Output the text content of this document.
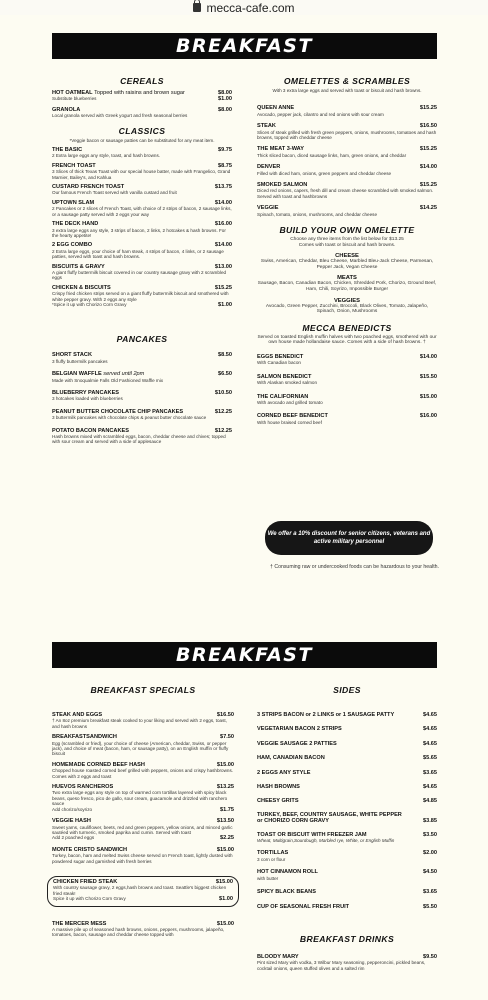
mecca-cafe.com
BREAKFAST
CEREALS
HOT OATMEAL Topped with raisins and brown sugar	$8.00
Substitute blueberries	$1.00
GRANOLA	$8.00
Local granola served with Greek yogurt and fresh seasonal berries
CLASSICS
*Veggie bacon or sausage patties can be substituted for any meat item.
THE BASIC	$9.75
2 Extra large eggs any style, toast, and hash browns.
FRENCH TOAST	$8.75
3 Slices of thick Texas Toast with our special house batter, made with Frangelico, Grand Marnier, Bailey's, and Kahlua
CUSTARD FRENCH TOAST	$13.75
Our famous French Toast served with vanilla custard and fruit
UPTOWN SLAM	$14.00
2 Pancakes or 2 slices of French Toast, with choice of 2 strips of bacon, 2 sausage links, or a sausage patty served with 2 eggs your way
THE DECK HAND	$16.00
3 extra large eggs any style, 3 strips of bacon, 2 links, 2 hotcakes & hash browns. For the hearty appetite!
2 EGG COMBO	$14.00
2 Extra large eggs, your choice of ham steak, 4 strips of bacon, 4 links, or 2 sausage patties, served with toast and hash browns.
BISCUITS & GRAVY	$13.00
A giant fluffy buttermilk biscuit covered in our country sausage gravy with 2 scrambled eggs
CHICKEN & BISCUITS	$15.25
Crispy fried chicken strips served on a giant fluffy buttermilk biscuit and smothered with white pepper gravy. With 2 eggs any style
*Spice it up with Chorizo Corn Gravy	$1.00
PANCAKES
SHORT STACK	$8.50
3 fluffy buttermilk pancakes
BELGIAN WAFFLE served until 2pm	$6.50
Made with Snoqualmie Falls Old Fashioned Waffle mix
BLUEBERRY PANCAKES	$10.50
3 hotcakes loaded with blueberries
PEANUT BUTTER CHOCOLATE CHIP PANCAKES	$12.25
3 buttermilk pancakes with chocolate chips & peanut butter chocolate sauce
POTATO BACON PANCAKES	$12.25
Hash browns mixed with scrambled eggs, bacon, cheddar cheese and chives; topped with sour cream and served with a side of applesauce
OMELETTES & SCRAMBLES
With 3 extra large eggs and served with toast or biscuit and hash browns.
QUEEN ANNE	$15.25
Avocado, pepper jack, cilantro and red onions with sour cream
STEAK	$16.50
Slices of steak grilled with fresh green peppers, onions, mushrooms, tomatoes and hash browns, topped with cheddar cheese
THE MEAT 3-WAY	$15.25
Thick sliced bacon, diced sausage links, ham, green onions, and cheddar
DENVER	$14.00
Filled with diced ham, onions, green peppers and cheddar cheese
SMOKED SALMON	$15.25
Diced red onions, capers, fresh dill and cream cheese scrambled with smoked salmon. Served with toast and hashbrowns
VEGGIE	$14.25
Spinach, tomato, onions, mushrooms, and cheddar cheese
BUILD YOUR OWN OMELETTE
Choose any three items from the list below for $13.25
Comes with toast or biscuit and hash browns.
CHEESE
Swiss, American, Cheddar, Bleu Cheese, Marbled Bleu-Jack Cheese, Parmesan, Pepper Jack, Vegan Cheese
MEATS
Sausage, Bacon, Canadian Bacon, Chicken, Shredded Pork, Chorizo, Ground Beef, Ham, Chili, Soyrizo, Impossible Burger
VEGGIES
Avocado, Green Pepper, Zucchini, Broccoli, Black Olives, Tomato, Jalapeño, Spinach, Onion, Mushrooms
MECCA BENEDICTS
Served on toasted English muffin halves with two poached eggs, smothered with our own house made hollandaise sauce. Comes with a side of hash browns. †
EGGS BENEDICT	$14.00
With Canadian bacon
SALMON BENEDICT	$15.50
With Alaskan smoked salmon
THE CALIFORNIAN	$15.00
With avocado and grilled tomato
CORNED BEEF BENEDICT	$16.00
With house braised corned beef
We offer a 10% discount for senior citizens, veterans and active military personnel
† Consuming raw or undercooked foods can be hazardous to your health.
BREAKFAST
BREAKFAST SPECIALS
STEAK AND EGGS	$16.50
† An 8oz premium breakfast steak cooked to your liking and served with 2 eggs, toast, and hash browns
BREAKFASTSANDWICH	$7.50
Egg (scrambled or fried), your choice of cheese (American, cheddar, Swiss, or pepper jack), and choice of meat (bacon, ham, or sausage patty), on an English muffin or fluffy biscuit
HOMEMADE CORNED BEEF HASH	$15.00
Chopped house roasted corned beef grilled with peppers, onions and crispy hashbrowns. Comes with 2 eggs and toast
HUEVOS RANCHEROS	$13.25
Two extra large eggs any style on top of warmed corn tortillas layered with spicy black beans, queso fresco, pico de gallo, sour cream, guacamole and drizzled with ranchero sauce
Add chorizo/soyrizo	$1.75
VEGGIE HASH	$13.50
Sweet yams, cauliflower, beets, red and green peppers, yellow onions, and minced garlic sautéed with turmeric, smoked paprika and cumin. Served with toast
Add 2 poached eggs	$2.25
MONTE CRISTO SANDWICH	$15.00
Turkey, bacon, ham and melted Swiss cheese served on French toast, lightly dusted with powdered sugar and garnished with fresh berries
CHICKEN FRIED STEAK	$15.00
With country sausage gravy, 2 eggs,hash browns and toast. Seattle's biggest chicken fried steak!
Spice it up with Chorizo Corn Gravy	$1.00
THE MERCER MESS	$15.00
A massive pile up of seasoned hash browns, onions, peppers, mushrooms, jalapeño, tomatoes, bacon, sausage and cheddar cheese topped with
SIDES
3 STRIPS BACON or 2 LINKS or 1 SAUSAGE PATTY	$4.65
VEGETARIAN BACON 2 STRIPS	$4.65
VEGGIE SAUSAGE 2 PATTIES	$4.65
HAM, CANADIAN BACON	$5.65
2 EGGS ANY STYLE	$3.65
HASH BROWNS	$4.65
CHEESY GRITS	$4.85
TURKEY, BEEF, COUNTRY SAUSAGE, WHITE PEPPER or CHORIZO CORN GRAVY	$3.85
TOAST OR BISCUIT WITH FREEZER JAM	$3.50
Wheat, Multigrain,Sourdough, Marbled rye, White, or English Muffin
TORTILLAS	$2.00
3 corn or flour
HOT CINNAMON ROLL	$4.50
with butter
SPICY BLACK BEANS	$3.65
CUP OF SEASONAL FRESH FRUIT	$5.50
BREAKFAST DRINKS
BLOODY MARY	$9.50
Pint sized Mary with vodka, 3 Wilbur Mary seasoning, pepperoncini, pickled beans, cocktail onions, queen stuffed olives and a salted rim
